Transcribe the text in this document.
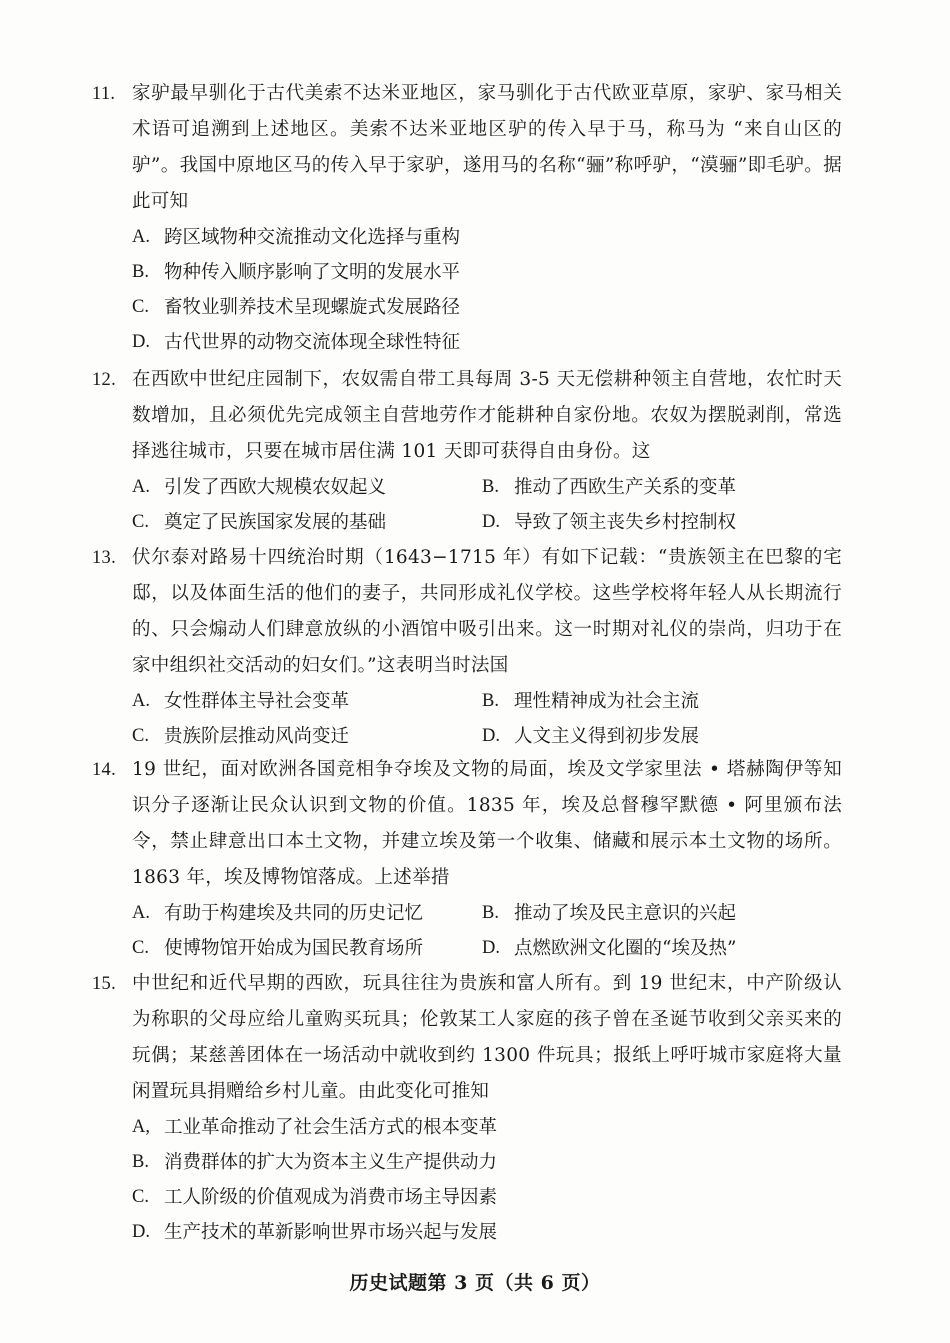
11. 家驴最早驯化于古代美索不达米亚地区，家马驯化于古代欧亚草原，家驴、家马相关术语可追溯到上述地区。美索不达米亚地区驴的传入早于马，称马为 “来自山区的驴”。我国中原地区马的传入早于家驴，遂用马的名称“骊”称呼驴，“漠骊”即毛驴。据此可知
A. 跨区域物种交流推动文化选择与重构
B. 物种传入顺序影响了文明的发展水平
C. 畜牧业驯养技术呈现螺旋式发展路径
D. 古代世界的动物交流体现全球性特征
12. 在西欧中世纪庄园制下，农奴需自带工具每周 3-5 天无偿耕种领主自营地，农忙时天数增加，且必须优先完成领主自营地劳作才能耕种自家份地。农奴为摆脱剥削，常选择逃往城市，只要在城市居住满 101 天即可获得自由身份。这
A. 引发了西欧大规模农奴起义	B. 推动了西欧生产关系的变革
C. 奠定了民族国家发展的基础	D. 导致了领主丧失乡村控制权
13. 伏尔泰对路易十四统治时期（1643−1715 年）有如下记载：“贵族领主在巴黎的宅邸，以及体面生活的他们的妻子，共同形成礼仪学校。这些学校将年轻人从长期流行的、只会煽动人们肆意放纵的小酒馆中吸引出来。这一时期对礼仪的崇尚，归功于在家中组织社交活动的妇女们。”这表明当时法国
A. 女性群体主导社会变革	B. 理性精神成为社会主流
C. 贵族阶层推动风尚变迁	D. 人文主义得到初步发展
14. 19 世纪，面对欧洲各国竞相争夺埃及文物的局面，埃及文学家里法 • 塔赫陶伊等知识分子逐渐让民众认识到文物的价值。1835 年，埃及总督穆罕默德 • 阿里颁布法令，禁止肆意出口本土文物，并建立埃及第一个收集、储藏和展示本土文物的场所。1863 年，埃及博物馆落成。上述举措
A. 有助于构建埃及共同的历史记忆	B. 推动了埃及民主意识的兴起
C. 使博物馆开始成为国民教育场所	D. 点燃欧洲文化圈的“埃及热”
15. 中世纪和近代早期的西欧，玩具往往为贵族和富人所有。到 19 世纪末，中产阶级认为称职的父母应给儿童购买玩具；伦敦某工人家庭的孩子曾在圣诞节收到父亲买来的玩偶；某慈善团体在一场活动中就收到约 1300 件玩具；报纸上呼吁城市家庭将大量闲置玩具捐赠给乡村儿童。由此变化可推知
A, 工业革命推动了社会生活方式的根本变革
B. 消费群体的扩大为资本主义生产提供动力
C. 工人阶级的价值观成为消费市场主导因素
D. 生产技术的革新影响世界市场兴起与发展
历史试题第 3 页（共 6 页）
